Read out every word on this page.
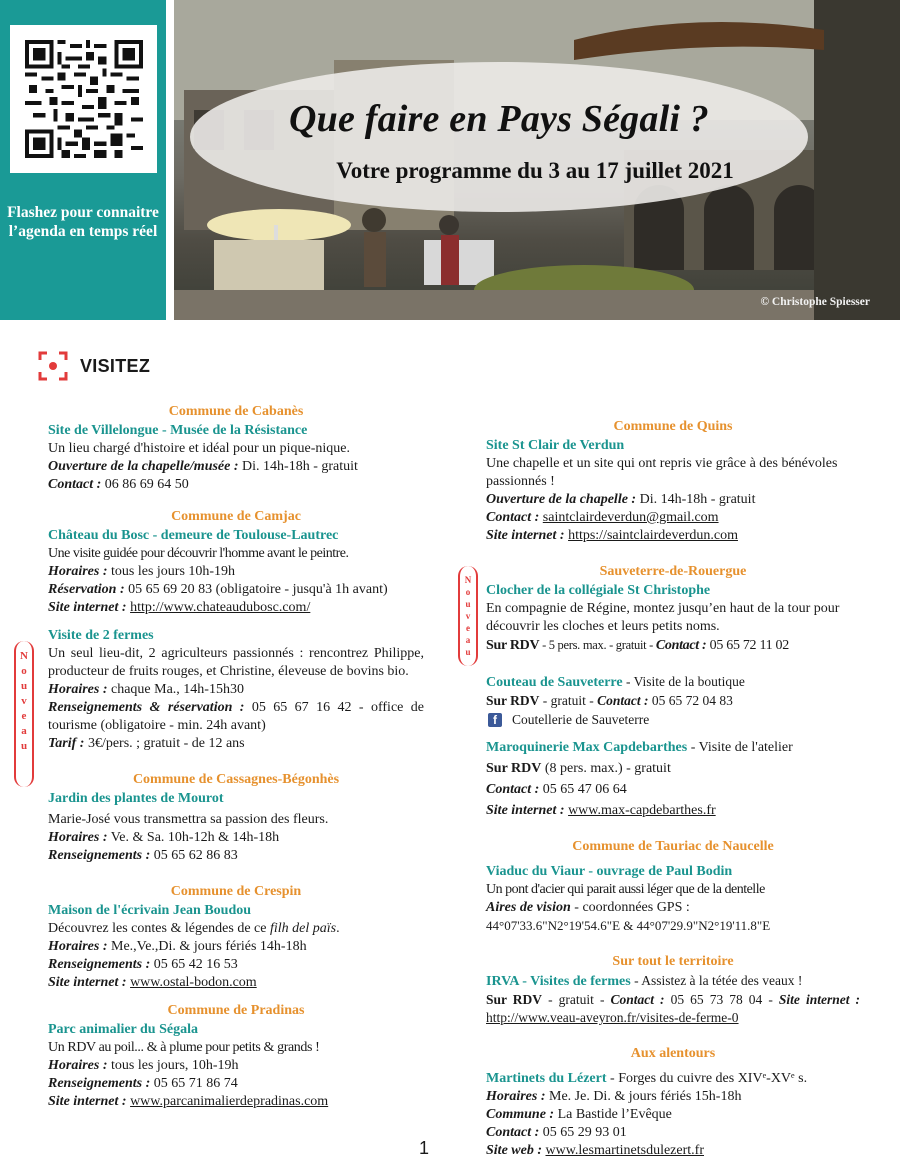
Flashez pour connaitre l’agenda en temps réel
© Christophe Spiesser
Que faire en Pays Ségali ?
Votre programme du 3 au 17 juillet 2021
VISITEZ
N
o
u
v
e
a
u
N
o
u
v
e
a
u
Commune de Cabanès
Site de Villelongue - Musée de la Résistance
Un lieu chargé d'histoire et idéal pour un pique-nique.
Ouverture de la chapelle/musée : Di. 14h-18h - gratuit
Contact : 06 86 69 64 50
Commune de Camjac
Château du Bosc - demeure de Toulouse-Lautrec
Une visite guidée pour découvrir l'homme avant le peintre.
Horaires : tous les jours 10h-19h
Réservation : 05 65 69 20 83 (obligatoire - jusqu'à 1h avant)
Site internet : http://www.chateaudubosc.com/
Visite de 2 fermes
Un seul lieu-dit, 2 agriculteurs passionnés : rencontrez Philippe, producteur de fruits rouges, et Christine, éleveuse de bovins bio.
Horaires : chaque Ma., 14h-15h30
Renseignements & réservation : 05 65 67 16 42 - office de tourisme (obligatoire - min. 24h avant)
Tarif : 3€/pers. ; gratuit - de 12 ans
Commune de Cassagnes-Bégonhès
Jardin des plantes de Mourot
Marie-José vous transmettra sa passion des fleurs.
Horaires : Ve. & Sa. 10h-12h & 14h-18h
Renseignements : 05 65 62 86 83
Commune de Crespin
Maison de l'écrivain Jean Boudou
Découvrez les contes & légendes de ce filh del païs.
Horaires : Me.,Ve.,Di. & jours fériés 14h-18h
Renseignements : 05 65 42 16 53
Site internet : www.ostal-bodon.com
Commune de Pradinas
Parc animalier du Ségala
Un RDV au poil... & à plume pour petits & grands !
Horaires : tous les jours, 10h-19h
Renseignements : 05 65 71 86 74
Site internet : www.parcanimalierdepradinas.com
Commune de Quins
Site St Clair de Verdun
Une chapelle et un site qui ont repris vie grâce à des bénévoles passionnés !
Ouverture de la chapelle : Di. 14h-18h - gratuit
Contact : saintclairdeverdun@gmail.com
Site internet : https://saintclairdeverdun.com
Sauveterre-de-Rouergue
Clocher de la collégiale St Christophe
En compagnie de Régine, montez jusqu’en haut de la tour pour découvrir les cloches et leurs petits noms.
Sur RDV - 5 pers. max. - gratuit - Contact : 05 65 72 11 02
Couteau de Sauveterre - Visite de la boutique
Sur RDV - gratuit - Contact : 05 65 72 04 83
f	Coutellerie de Sauveterre
Maroquinerie Max Capdebarthes - Visite de l'atelier
Sur RDV (8 pers. max.) - gratuit
Contact : 05 65 47 06 64
Site internet : www.max-capdebarthes.fr
Commune de Tauriac de Naucelle
Viaduc du Viaur - ouvrage de Paul Bodin
Un pont d'acier qui parait aussi léger que de la dentelle
Aires de vision - coordonnées GPS :
44°07'33.6"N2°19'54.6"E & 44°07'29.9"N2°19'11.8"E
Sur tout le territoire
IRVA - Visites de fermes - Assistez à la tétée des veaux !
Sur RDV - gratuit - Contact : 05 65 73 78 04 - Site internet : http://www.veau-aveyron.fr/visites-de-ferme-0
Aux alentours
Martinets du Lézert - Forges du cuivre des XIVᵉ-XVᵉ s.
Horaires : Me. Je. Di. & jours fériés 15h-18h
Commune : La Bastide l’Evêque
Contact : 05 65 29 93 01
Site web : www.lesmartinetsdulezert.fr
1
